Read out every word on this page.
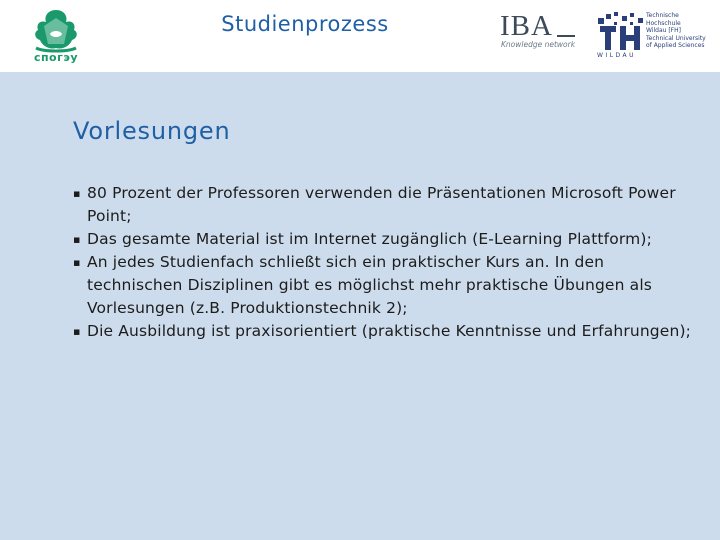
спогэу
Studienprozess	IBA
Knowledge network
Technische
Hochschule
Wildau [FH]
Technical University
of Applied Sciences
WILDAU
Vorlesungen
▪ 80 Prozent der Professoren verwenden die Präsentationen Microsoft Power Point;
▪ Das gesamte Material ist im Internet zugänglich (E-Learning Plattform);
▪ An jedes Studienfach schließt sich ein praktischer Kurs an. In den technischen Disziplinen gibt es möglichst mehr praktische Übungen als Vorlesungen (z.B. Produktionstechnik 2);
▪ Die Ausbildung ist praxisorientiert (praktische Kenntnisse und Erfahrungen);
